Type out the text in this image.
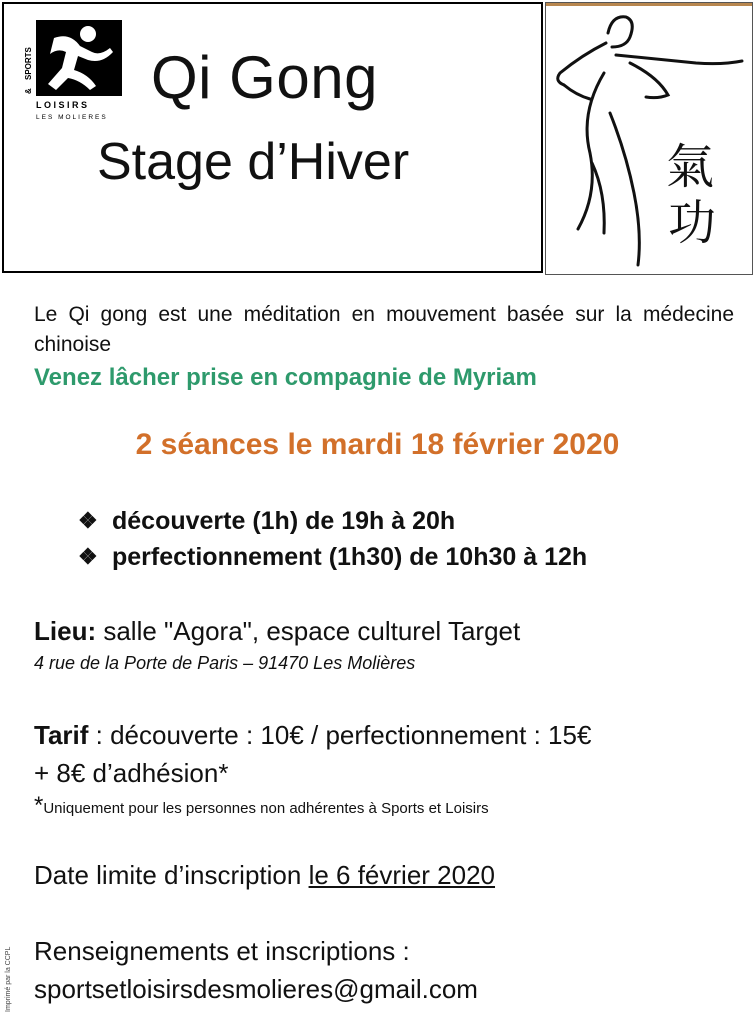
SPORTS
&
LOISIRS
LES MOLIERES
Qi Gong
Stage d’Hiver	氣
功
Le Qi gong est une méditation en mouvement basée sur la médecine chinoise
Venez lâcher prise en compagnie de Myriam
2 séances le mardi 18 février 2020
❖ découverte (1h) de 19h à 20h
❖ perfectionnement (1h30) de 10h30 à 12h
Lieu: salle "Agora", espace culturel Target
4 rue de la Porte de Paris – 91470 Les Molières
Tarif : découverte : 10€ / perfectionnement : 15€
+ 8€ d’adhésion*
*Uniquement pour les personnes non adhérentes à Sports et Loisirs
Date limite d’inscription le 6 février 2020
Renseignements et inscriptions :
sportsetloisirsdesmolieres@gmail.com
Imprimé par la CCPL
